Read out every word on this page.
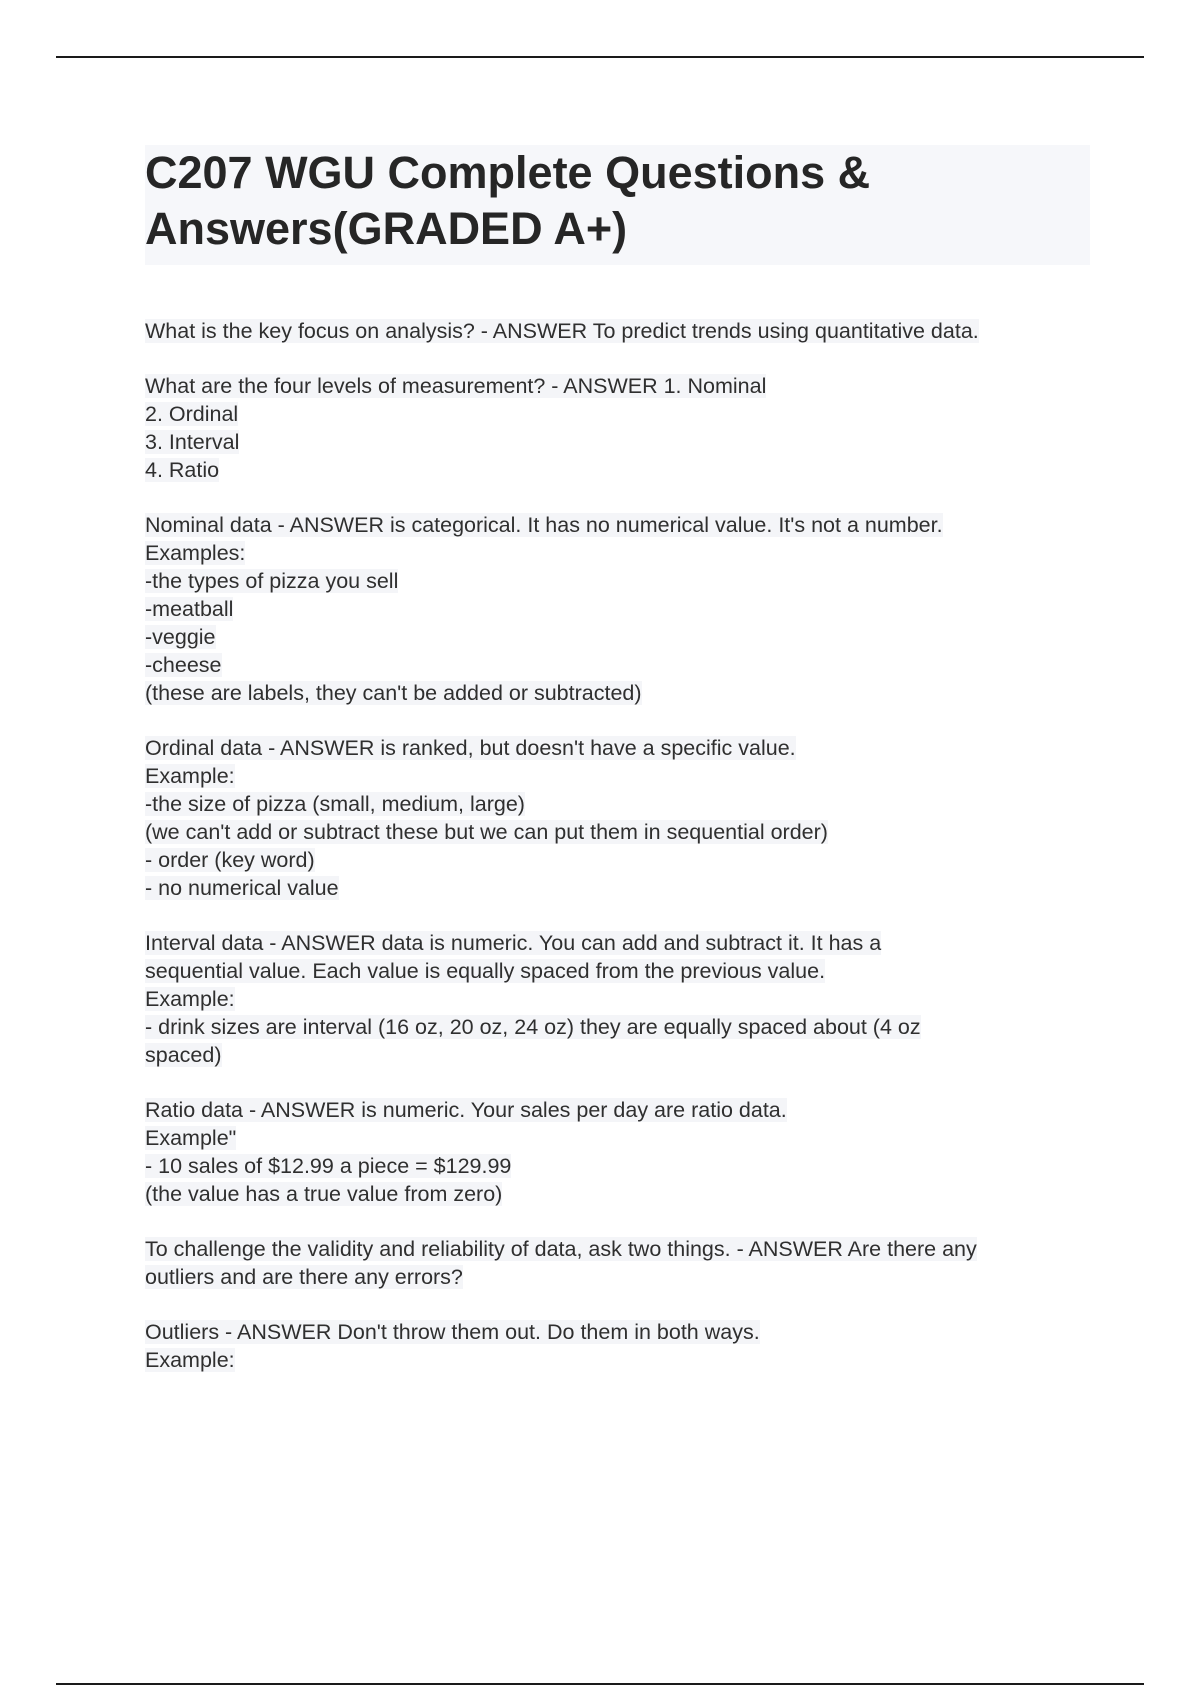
C207 WGU Complete Questions & Answers(GRADED A+)
What is the key focus on analysis? - ANSWER To predict trends using quantitative data.
What are the four levels of measurement? - ANSWER 1. Nominal
2. Ordinal
3. Interval
4. Ratio
Nominal data - ANSWER is categorical. It has no numerical value. It's not a number.
Examples:
-the types of pizza you sell
-meatball
-veggie
-cheese
(these are labels, they can't be added or subtracted)
Ordinal data - ANSWER is ranked, but doesn't have a specific value.
Example:
-the size of pizza (small, medium, large)
(we can't add or subtract these but we can put them in sequential order)
- order (key word)
- no numerical value
Interval data - ANSWER data is numeric. You can add and subtract it. It has a
sequential value. Each value is equally spaced from the previous value.
Example:
- drink sizes are interval (16 oz, 20 oz, 24 oz) they are equally spaced about (4 oz
spaced)
Ratio data - ANSWER is numeric. Your sales per day are ratio data.
Example"
- 10 sales of $12.99 a piece = $129.99
(the value has a true value from zero)
To challenge the validity and reliability of data, ask two things. - ANSWER Are there any
outliers and are there any errors?
Outliers - ANSWER Don't throw them out. Do them in both ways.
Example:
